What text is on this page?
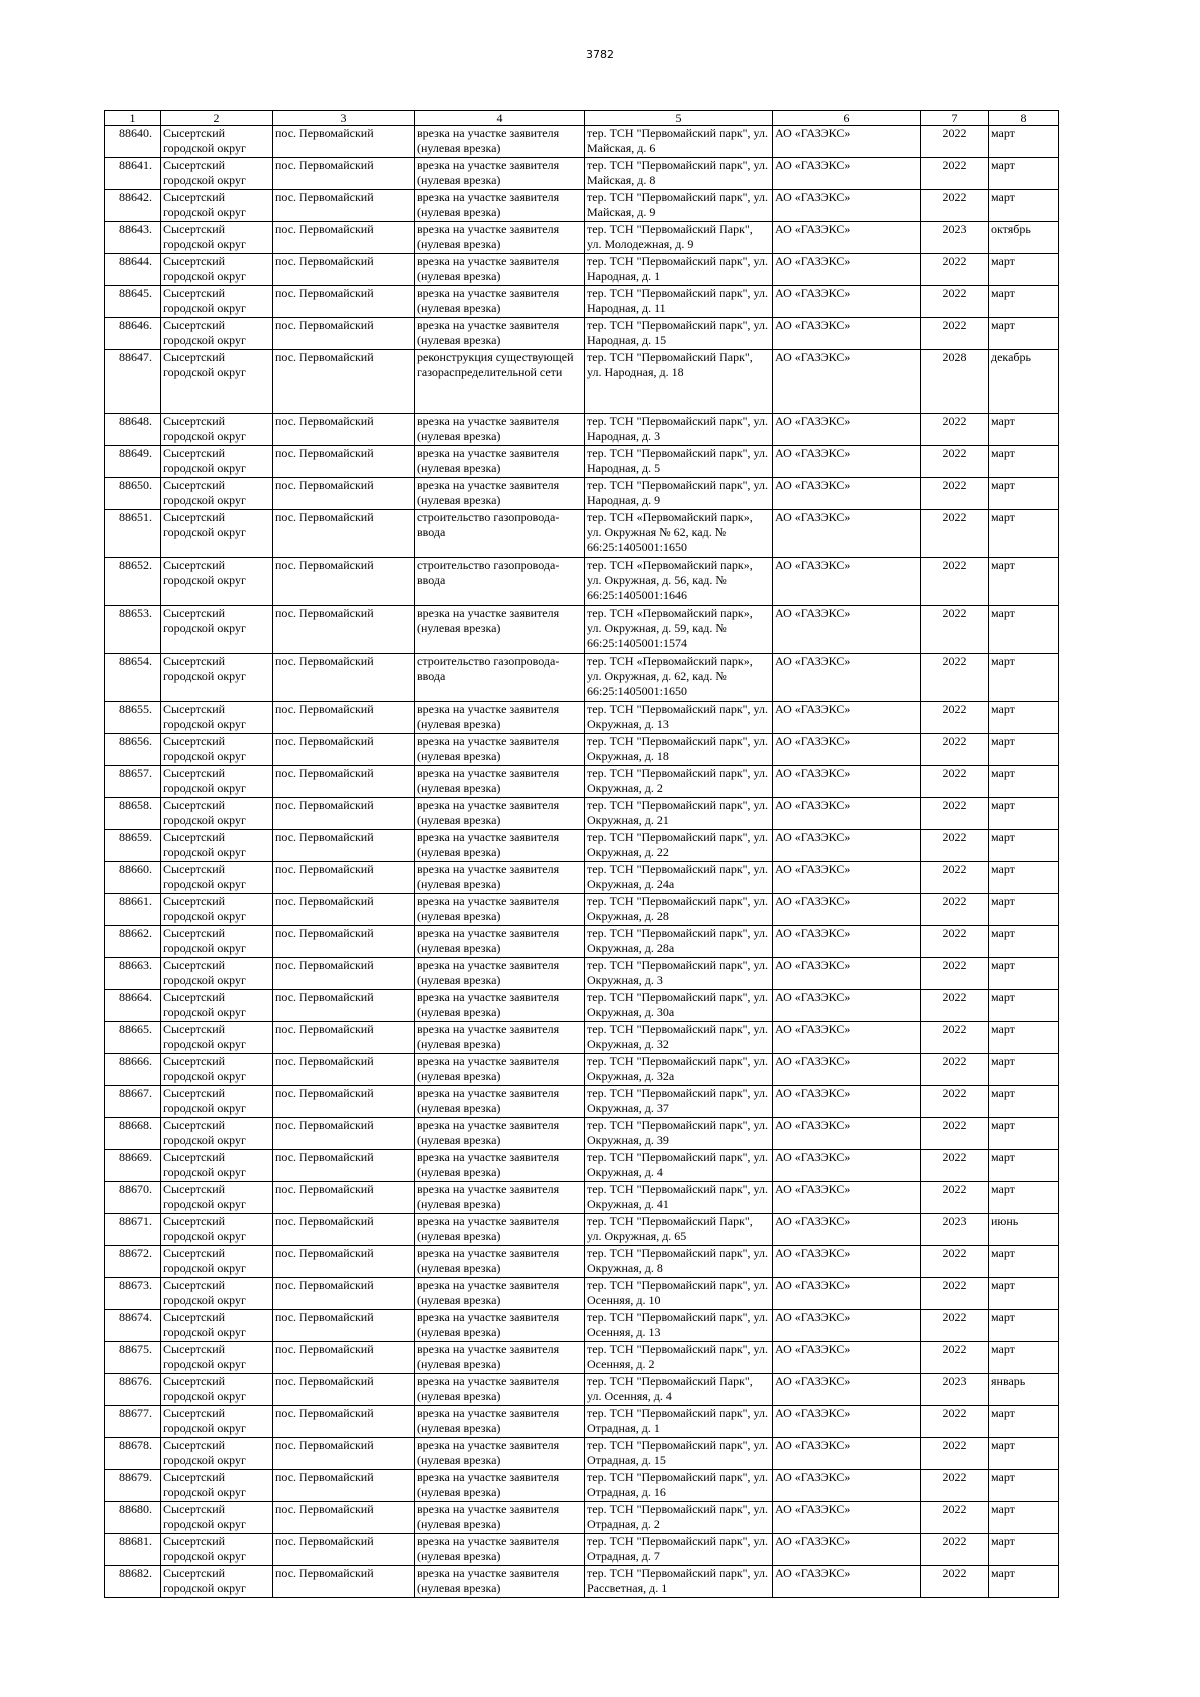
3782
1	2	3	4	5	6	7	8
88640.	Сысертский городской округ	пос. Первомайский	врезка на участке заявителя (нулевая врезка)	тер. ТСН "Первомайский парк", ул. Майская, д. 6	АО «ГАЗЭКС»	2022	март
88641.	Сысертский городской округ	пос. Первомайский	врезка на участке заявителя (нулевая врезка)	тер. ТСН "Первомайский парк", ул. Майская, д. 8	АО «ГАЗЭКС»	2022	март
88642.	Сысертский городской округ	пос. Первомайский	врезка на участке заявителя (нулевая врезка)	тер. ТСН "Первомайский парк", ул. Майская, д. 9	АО «ГАЗЭКС»	2022	март
88643.	Сысертский городской округ	пос. Первомайский	врезка на участке заявителя (нулевая врезка)	тер. ТСН "Первомайский Парк", ул. Молодежная, д. 9	АО «ГАЗЭКС»	2023	октябрь
88644.	Сысертский городской округ	пос. Первомайский	врезка на участке заявителя (нулевая врезка)	тер. ТСН "Первомайский парк", ул. Народная, д. 1	АО «ГАЗЭКС»	2022	март
88645.	Сысертский городской округ	пос. Первомайский	врезка на участке заявителя (нулевая врезка)	тер. ТСН "Первомайский парк", ул. Народная, д. 11	АО «ГАЗЭКС»	2022	март
88646.	Сысертский городской округ	пос. Первомайский	врезка на участке заявителя (нулевая врезка)	тер. ТСН "Первомайский парк", ул. Народная, д. 15	АО «ГАЗЭКС»	2022	март
88647.	Сысертский городской округ	пос. Первомайский	реконструкция существующей газораспределительной сети	тер. ТСН "Первомайский Парк", ул. Народная, д. 18	АО «ГАЗЭКС»	2028	декабрь
88648.	Сысертский городской округ	пос. Первомайский	врезка на участке заявителя (нулевая врезка)	тер. ТСН "Первомайский парк", ул. Народная, д. 3	АО «ГАЗЭКС»	2022	март
88649.	Сысертский городской округ	пос. Первомайский	врезка на участке заявителя (нулевая врезка)	тер. ТСН "Первомайский парк", ул. Народная, д. 5	АО «ГАЗЭКС»	2022	март
88650.	Сысертский городской округ	пос. Первомайский	врезка на участке заявителя (нулевая врезка)	тер. ТСН "Первомайский парк", ул. Народная, д. 9	АО «ГАЗЭКС»	2022	март
88651.	Сысертский городской округ	пос. Первомайский	строительство газопровода-ввода	тер. ТСН «Первомайский парк», ул. Окружная № 62, кад. № 66:25:1405001:1650	АО «ГАЗЭКС»	2022	март
88652.	Сысертский городской округ	пос. Первомайский	строительство газопровода-ввода	тер. ТСН «Первомайский парк», ул. Окружная, д. 56, кад. № 66:25:1405001:1646	АО «ГАЗЭКС»	2022	март
88653.	Сысертский городской округ	пос. Первомайский	врезка на участке заявителя (нулевая врезка)	тер. ТСН «Первомайский парк», ул. Окружная, д. 59, кад. № 66:25:1405001:1574	АО «ГАЗЭКС»	2022	март
88654.	Сысертский городской округ	пос. Первомайский	строительство газопровода-ввода	тер. ТСН «Первомайский парк», ул. Окружная, д. 62, кад. № 66:25:1405001:1650	АО «ГАЗЭКС»	2022	март
88655.	Сысертский городской округ	пос. Первомайский	врезка на участке заявителя (нулевая врезка)	тер. ТСН "Первомайский парк", ул. Окружная, д. 13	АО «ГАЗЭКС»	2022	март
88656.	Сысертский городской округ	пос. Первомайский	врезка на участке заявителя (нулевая врезка)	тер. ТСН "Первомайский парк", ул. Окружная, д. 18	АО «ГАЗЭКС»	2022	март
88657.	Сысертский городской округ	пос. Первомайский	врезка на участке заявителя (нулевая врезка)	тер. ТСН "Первомайский парк", ул. Окружная, д. 2	АО «ГАЗЭКС»	2022	март
88658.	Сысертский городской округ	пос. Первомайский	врезка на участке заявителя (нулевая врезка)	тер. ТСН "Первомайский парк", ул. Окружная, д. 21	АО «ГАЗЭКС»	2022	март
88659.	Сысертский городской округ	пос. Первомайский	врезка на участке заявителя (нулевая врезка)	тер. ТСН "Первомайский парк", ул. Окружная, д. 22	АО «ГАЗЭКС»	2022	март
88660.	Сысертский городской округ	пос. Первомайский	врезка на участке заявителя (нулевая врезка)	тер. ТСН "Первомайский парк", ул. Окружная, д. 24а	АО «ГАЗЭКС»	2022	март
88661.	Сысертский городской округ	пос. Первомайский	врезка на участке заявителя (нулевая врезка)	тер. ТСН "Первомайский парк", ул. Окружная, д. 28	АО «ГАЗЭКС»	2022	март
88662.	Сысертский городской округ	пос. Первомайский	врезка на участке заявителя (нулевая врезка)	тер. ТСН "Первомайский парк", ул. Окружная, д. 28а	АО «ГАЗЭКС»	2022	март
88663.	Сысертский городской округ	пос. Первомайский	врезка на участке заявителя (нулевая врезка)	тер. ТСН "Первомайский парк", ул. Окружная, д. 3	АО «ГАЗЭКС»	2022	март
88664.	Сысертский городской округ	пос. Первомайский	врезка на участке заявителя (нулевая врезка)	тер. ТСН "Первомайский парк", ул. Окружная, д. 30а	АО «ГАЗЭКС»	2022	март
88665.	Сысертский городской округ	пос. Первомайский	врезка на участке заявителя (нулевая врезка)	тер. ТСН "Первомайский парк", ул. Окружная, д. 32	АО «ГАЗЭКС»	2022	март
88666.	Сысертский городской округ	пос. Первомайский	врезка на участке заявителя (нулевая врезка)	тер. ТСН "Первомайский парк", ул. Окружная, д. 32а	АО «ГАЗЭКС»	2022	март
88667.	Сысертский городской округ	пос. Первомайский	врезка на участке заявителя (нулевая врезка)	тер. ТСН "Первомайский парк", ул. Окружная, д. 37	АО «ГАЗЭКС»	2022	март
88668.	Сысертский городской округ	пос. Первомайский	врезка на участке заявителя (нулевая врезка)	тер. ТСН "Первомайский парк", ул. Окружная, д. 39	АО «ГАЗЭКС»	2022	март
88669.	Сысертский городской округ	пос. Первомайский	врезка на участке заявителя (нулевая врезка)	тер. ТСН "Первомайский парк", ул. Окружная, д. 4	АО «ГАЗЭКС»	2022	март
88670.	Сысертский городской округ	пос. Первомайский	врезка на участке заявителя (нулевая врезка)	тер. ТСН "Первомайский парк", ул. Окружная, д. 41	АО «ГАЗЭКС»	2022	март
88671.	Сысертский городской округ	пос. Первомайский	врезка на участке заявителя (нулевая врезка)	тер. ТСН "Первомайский Парк", ул. Окружная, д. 65	АО «ГАЗЭКС»	2023	июнь
88672.	Сысертский городской округ	пос. Первомайский	врезка на участке заявителя (нулевая врезка)	тер. ТСН "Первомайский парк", ул. Окружная, д. 8	АО «ГАЗЭКС»	2022	март
88673.	Сысертский городской округ	пос. Первомайский	врезка на участке заявителя (нулевая врезка)	тер. ТСН "Первомайский парк", ул. Осенняя, д. 10	АО «ГАЗЭКС»	2022	март
88674.	Сысертский городской округ	пос. Первомайский	врезка на участке заявителя (нулевая врезка)	тер. ТСН "Первомайский парк", ул. Осенняя, д. 13	АО «ГАЗЭКС»	2022	март
88675.	Сысертский городской округ	пос. Первомайский	врезка на участке заявителя (нулевая врезка)	тер. ТСН "Первомайский парк", ул. Осенняя, д. 2	АО «ГАЗЭКС»	2022	март
88676.	Сысертский городской округ	пос. Первомайский	врезка на участке заявителя (нулевая врезка)	тер. ТСН "Первомайский Парк", ул. Осенняя, д. 4	АО «ГАЗЭКС»	2023	январь
88677.	Сысертский городской округ	пос. Первомайский	врезка на участке заявителя (нулевая врезка)	тер. ТСН "Первомайский парк", ул. Отрадная, д. 1	АО «ГАЗЭКС»	2022	март
88678.	Сысертский городской округ	пос. Первомайский	врезка на участке заявителя (нулевая врезка)	тер. ТСН "Первомайский парк", ул. Отрадная, д. 15	АО «ГАЗЭКС»	2022	март
88679.	Сысертский городской округ	пос. Первомайский	врезка на участке заявителя (нулевая врезка)	тер. ТСН "Первомайский парк", ул. Отрадная, д. 16	АО «ГАЗЭКС»	2022	март
88680.	Сысертский городской округ	пос. Первомайский	врезка на участке заявителя (нулевая врезка)	тер. ТСН "Первомайский парк", ул. Отрадная, д. 2	АО «ГАЗЭКС»	2022	март
88681.	Сысертский городской округ	пос. Первомайский	врезка на участке заявителя (нулевая врезка)	тер. ТСН "Первомайский парк", ул. Отрадная, д. 7	АО «ГАЗЭКС»	2022	март
88682.	Сысертский городской округ	пос. Первомайский	врезка на участке заявителя (нулевая врезка)	тер. ТСН "Первомайский парк", ул. Рассветная, д. 1	АО «ГАЗЭКС»	2022	март
